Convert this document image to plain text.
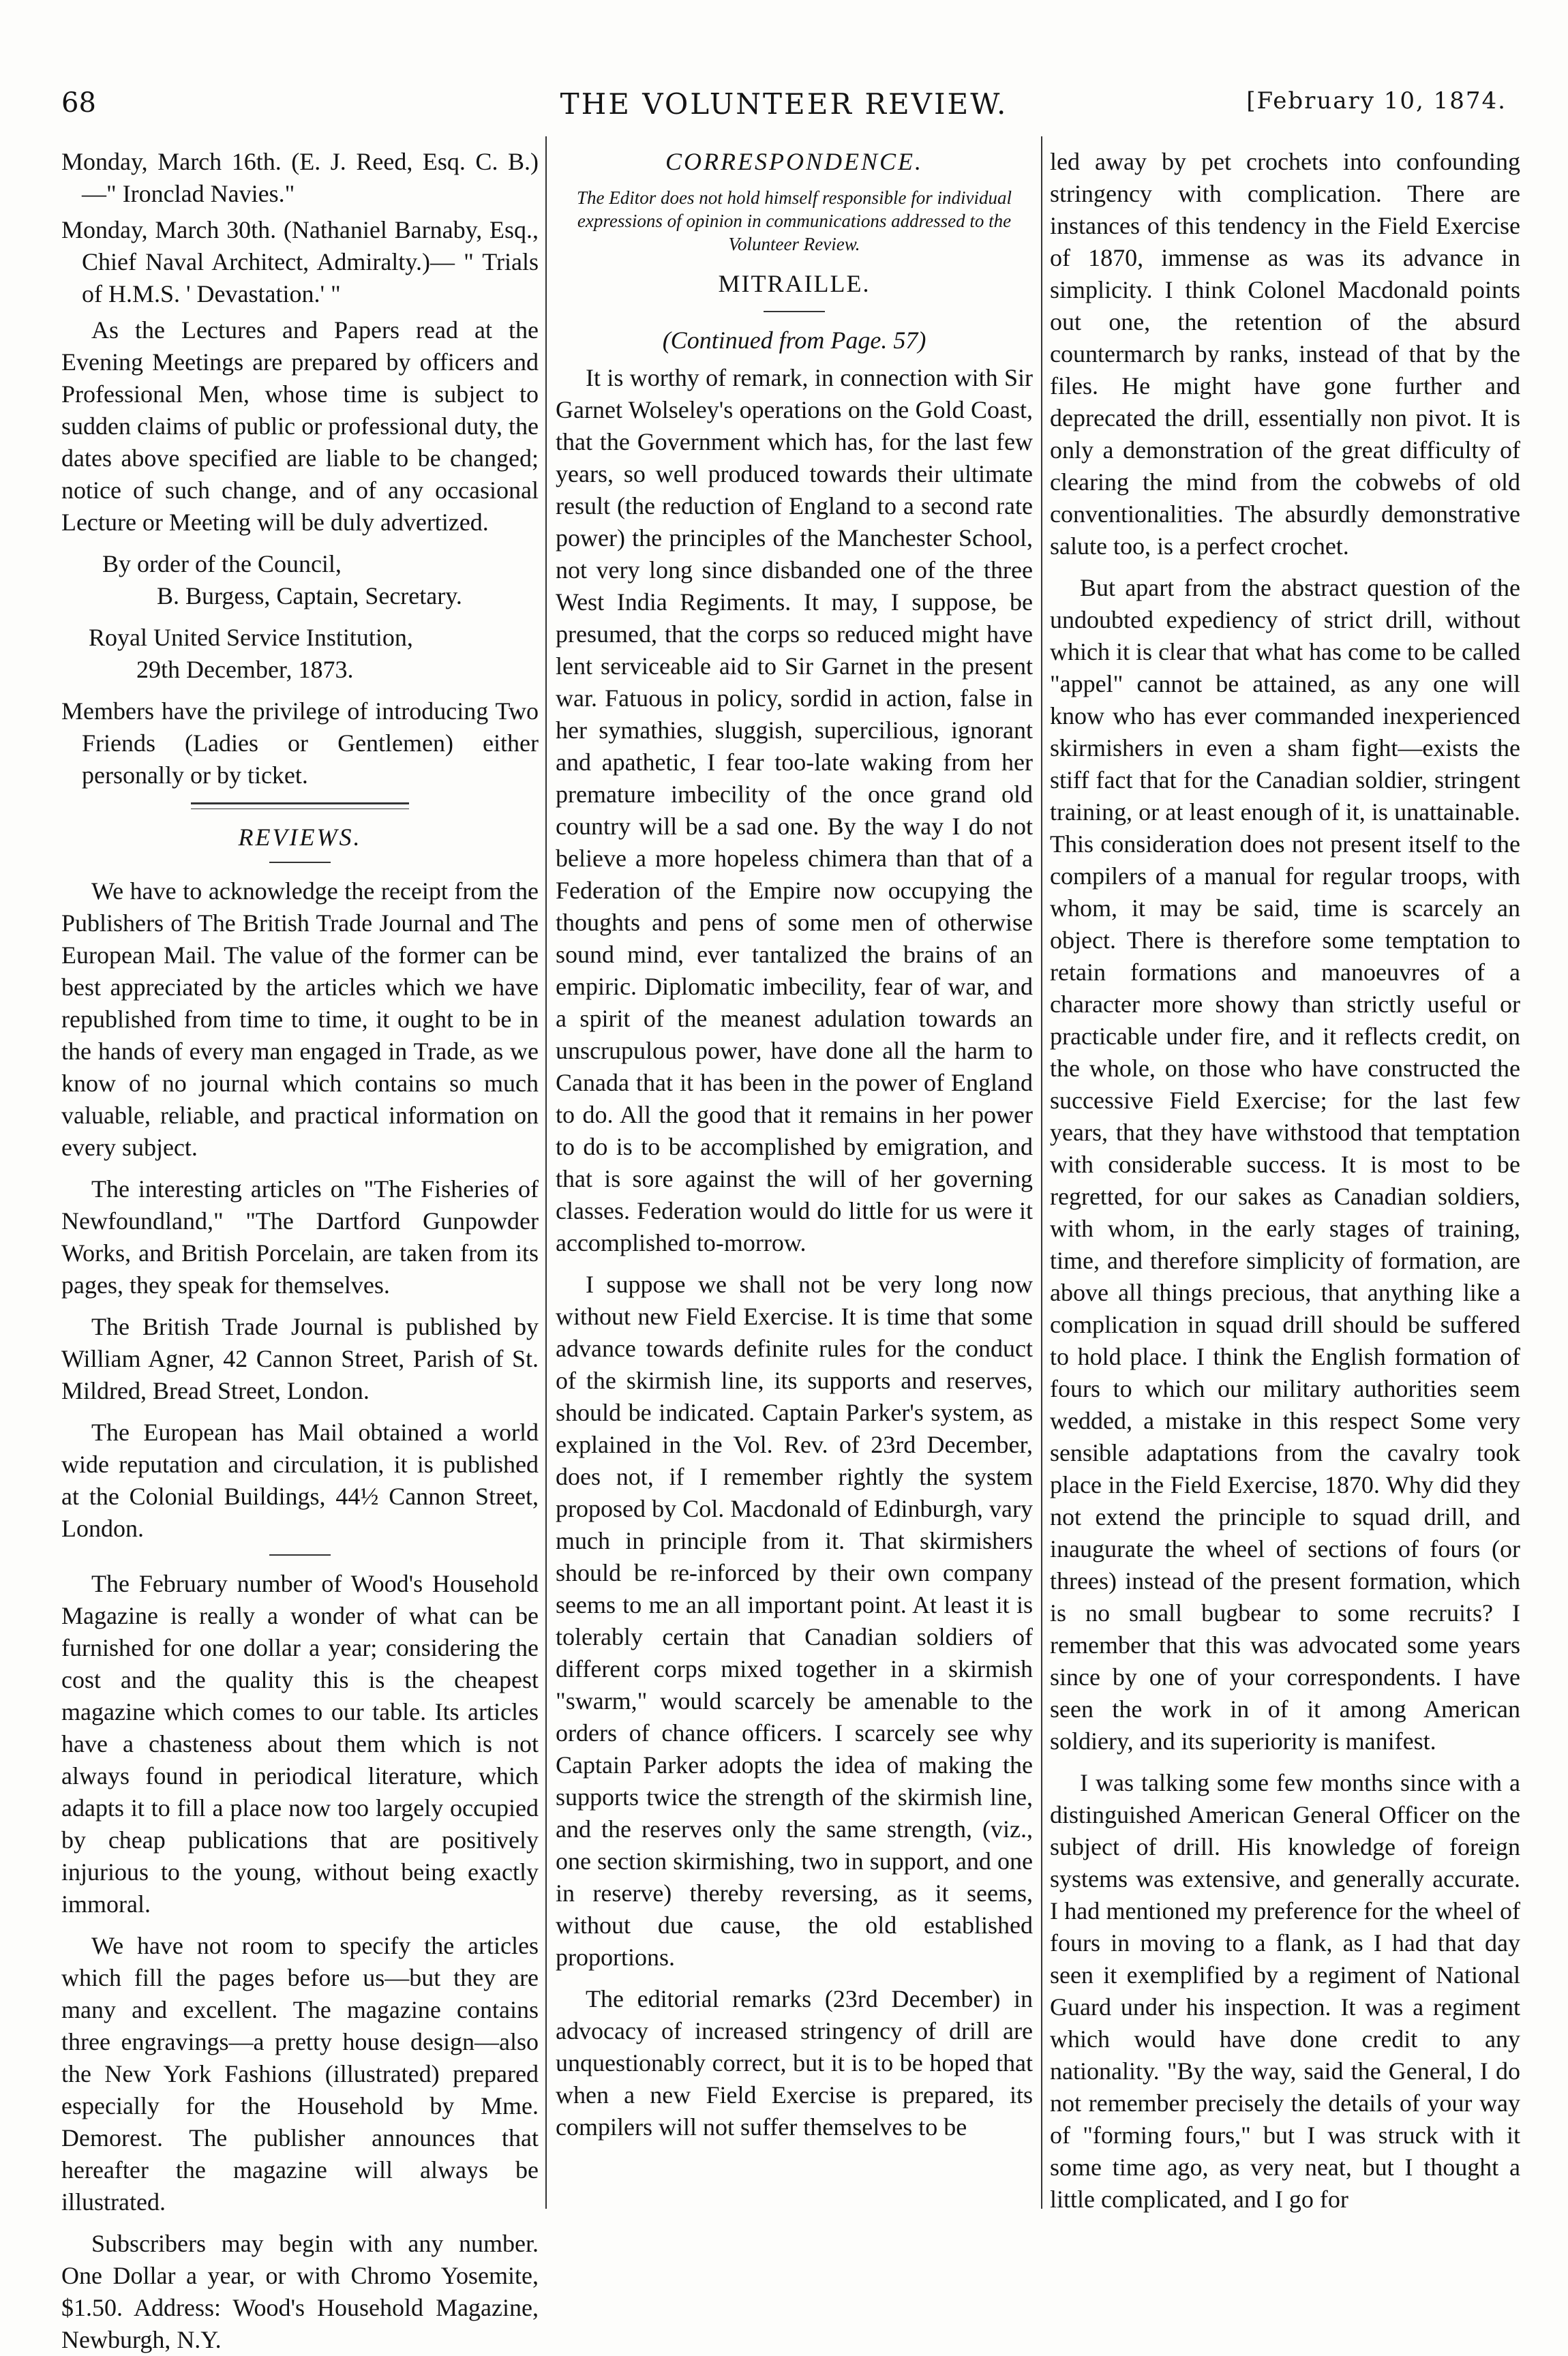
68	THE VOLUNTEER REVIEW.	[February 10, 1874.

Monday, March 16th. (E. J. Reed, Esq. C. B.)—" Ironclad Navies."

Monday, March 30th. (Nathaniel Barnaby, Esq., Chief Naval Architect, Admiralty.)— " Trials of H.M.S. ' Devastation.' "

As the Lectures and Papers read at the Evening Meetings are prepared by officers and Professional Men, whose time is subject to sudden claims of public or professional duty, the dates above specified are liable to be changed; notice of such change, and of any occasional Lecture or Meeting will be duly advertized.

By order of the Council,

B. Burgess, Captain, Secretary.

Royal United Service Institution,

29th December, 1873.

Members have the privilege of introducing Two Friends (Ladies or Gentlemen) either personally or by ticket.

REVIEWS.

We have to acknowledge the receipt from the Publishers of The British Trade Journal and The European Mail. The value of the former can be best appreciated by the articles which we have republished from time to time, it ought to be in the hands of every man engaged in Trade, as we know of no journal which contains so much valuable, reliable, and practical information on every subject.

The interesting articles on "The Fisheries of Newfoundland," "The Dartford Gunpowder Works, and British Porcelain, are taken from its pages, they speak for themselves.

The British Trade Journal is published by William Agner, 42 Cannon Street, Parish of St. Mildred, Bread Street, London.

The European has Mail obtained a world wide reputation and circulation, it is published at the Colonial Buildings, 44½ Cannon Street, London.

The February number of Wood's Household Magazine is really a wonder of what can be furnished for one dollar a year; considering the cost and the quality this is the cheapest magazine which comes to our table. Its articles have a chasteness about them which is not always found in periodical literature, which adapts it to fill a place now too largely occupied by cheap publications that are positively injurious to the young, without being exactly immoral.

We have not room to specify the articles which fill the pages before us—but they are many and excellent. The magazine contains three engravings—a pretty house design—also the New York Fashions (illustrated) prepared especially for the Household by Mme. Demorest. The publisher announces that hereafter the magazine will always be illustrated.

Subscribers may begin with any number. One Dollar a year, or with Chromo Yosemite, $1.50. Address: Wood's Household Magazine, Newburgh, N.Y.

CORRESPONDENCE.

The Editor does not hold himself responsible for individual expressions of opinion in communications addressed to the Volunteer Review.

MITRAILLE.

(Continued from Page. 57)

It is worthy of remark, in connection with Sir Garnet Wolseley's operations on the Gold Coast, that the Government which has, for the last few years, so well produced towards their ultimate result (the reduction of England to a second rate power) the principles of the Manchester School, not very long since disbanded one of the three West India Regiments. It may, I suppose, be presumed, that the corps so reduced might have lent serviceable aid to Sir Garnet in the present war. Fatuous in policy, sordid in action, false in her symathies, sluggish, supercilious, ignorant and apathetic, I fear too-late waking from her premature imbecility of the once grand old country will be a sad one. By the way I do not believe a more hopeless chimera than that of a Federation of the Empire now occupying the thoughts and pens of some men of otherwise sound mind, ever tantalized the brains of an empiric. Diplomatic imbecility, fear of war, and a spirit of the meanest adulation towards an unscrupulous power, have done all the harm to Canada that it has been in the power of England to do. All the good that it remains in her power to do is to be accomplished by emigration, and that is sore against the will of her governing classes. Federation would do little for us were it accomplished to-morrow.

I suppose we shall not be very long now without new Field Exercise. It is time that some advance towards definite rules for the conduct of the skirmish line, its supports and reserves, should be indicated. Captain Parker's system, as explained in the Vol. Rev. of 23rd December, does not, if I remember rightly the system proposed by Col. Macdonald of Edinburgh, vary much in principle from it. That skirmishers should be re-inforced by their own company seems to me an all important point. At least it is tolerably certain that Canadian soldiers of different corps mixed together in a skirmish "swarm," would scarcely be amenable to the orders of chance officers. I scarcely see why Captain Parker adopts the idea of making the supports twice the strength of the skirmish line, and the reserves only the same strength, (viz., one section skirmishing, two in support, and one in reserve) thereby reversing, as it seems, without due cause, the old established proportions.

The editorial remarks (23rd December) in advocacy of increased stringency of drill are unquestionably correct, but it is to be hoped that when a new Field Exercise is prepared, its compilers will not suffer themselves to be

led away by pet crochets into confounding stringency with complication. There are instances of this tendency in the Field Exercise of 1870, immense as was its advance in simplicity. I think Colonel Macdonald points out one, the retention of the absurd countermarch by ranks, instead of that by the files. He might have gone further and deprecated the drill, essentially non pivot. It is only a demonstration of the great difficulty of clearing the mind from the cobwebs of old conventionalities. The absurdly demonstrative salute too, is a perfect crochet.

But apart from the abstract question of the undoubted expediency of strict drill, without which it is clear that what has come to be called "appel" cannot be attained, as any one will know who has ever commanded inexperienced skirmishers in even a sham fight—exists the stiff fact that for the Canadian soldier, stringent training, or at least enough of it, is unattainable. This consideration does not present itself to the compilers of a manual for regular troops, with whom, it may be said, time is scarcely an object. There is therefore some temptation to retain formations and manoeuvres of a character more showy than strictly useful or practicable under fire, and it reflects credit, on the whole, on those who have constructed the successive Field Exercise; for the last few years, that they have withstood that temptation with considerable success. It is most to be regretted, for our sakes as Canadian soldiers, with whom, in the early stages of training, time, and therefore simplicity of formation, are above all things precious, that anything like a complication in squad drill should be suffered to hold place. I think the English formation of fours to which our military authorities seem wedded, a mistake in this respect Some very sensible adaptations from the cavalry took place in the Field Exercise, 1870. Why did they not extend the principle to squad drill, and inaugurate the wheel of sections of fours (or threes) instead of the present formation, which is no small bugbear to some recruits? I remember that this was advocated some years since by one of your correspondents. I have seen the work in of it among American soldiery, and its superiority is manifest.

I was talking some few months since with a distinguished American General Officer on the subject of drill. His knowledge of foreign systems was extensive, and generally accurate. I had mentioned my preference for the wheel of fours in moving to a flank, as I had that day seen it exemplified by a regiment of National Guard under his inspection. It was a regiment which would have done credit to any nationality. "By the way, said the General, I do not remember precisely the details of your way of "forming fours," but I was struck with it some time ago, as very neat, but I thought a little complicated, and I go for
